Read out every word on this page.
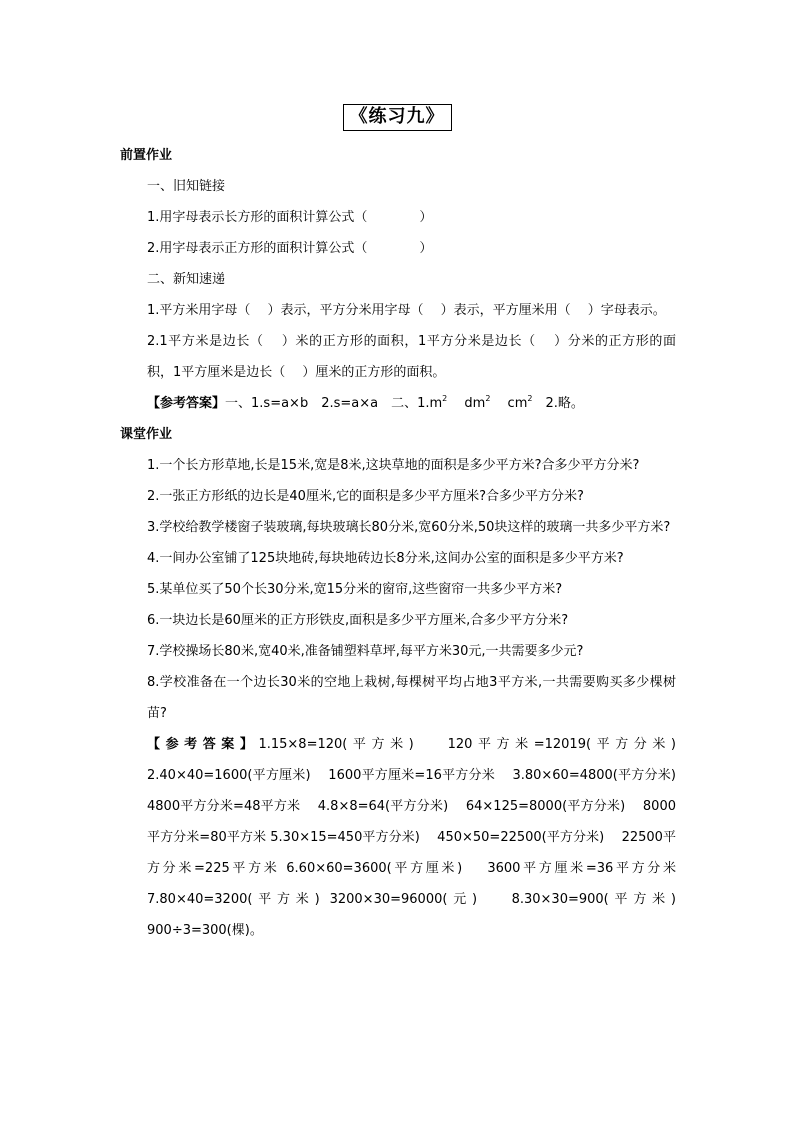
《练习九》

前置作业

一、旧知链接

1.用字母表示长方形的面积计算公式（　　　　）

2.用字母表示正方形的面积计算公式（　　　　）

二、新知速递

1.平方米用字母（　 ）表示，平方分米用字母（　 ）表示，平方厘米用（　 ）字母表示。

2.1平方米是边长（　 ）米的正方形的面积，1平方分米是边长（　 ）分米的正方形的面积，1平方厘米是边长（　 ）厘米的正方形的面积。

【参考答案】一、1.s=a×b　2.s=a×a　二、$1.m^2$　 $dm^2$　 $cm^2$　2.略。

课堂作业

1.一个长方形草地,长是15米,宽是8米,这块草地的面积是多少平方米?合多少平方分米?

2.一张正方形纸的边长是40厘米,它的面积是多少平方厘米?合多少平方分米?

3.学校给教学楼窗子装玻璃,每块玻璃长80分米,宽60分米,50块这样的玻璃一共多少平方米?

4.一间办公室铺了125块地砖,每块地砖边长8分米,这间办公室的面积是多少平方米?

5.某单位买了50个长30分米,宽15分米的窗帘,这些窗帘一共多少平方米?

6.一块边长是60厘米的正方形铁皮,面积是多少平方厘米,合多少平方分米?

7.学校操场长80米,宽40米,准备铺塑料草坪,每平方米30元,一共需要多少元?

8.学校准备在一个边长30米的空地上栽树,每棵树平均占地3平方米,一共需要购买多少棵树苗?

【参考答案】1.15×8=120(平方米)　 120平方米=12019(平方分米)　 2.40×40=1600(平方厘米)　 1600平方厘米=16平方分米　 3.80×60=4800(平方分米)　 4800平方分米=48平方米　 4.8×8=64(平方分米)　 64×125=8000(平方分米)　 8000平方分米=80平方米 5.30×15=450平方分米)　 450×50=22500(平方分米)　 22500平方分米=225平方米 6.60×60=3600(平方厘米)　 3600平方厘米=36平方分米　 7.80×40=3200(平方米) 3200×30=96000(元)　 8.30×30=900(平方米)　 900÷3=300(棵)。
